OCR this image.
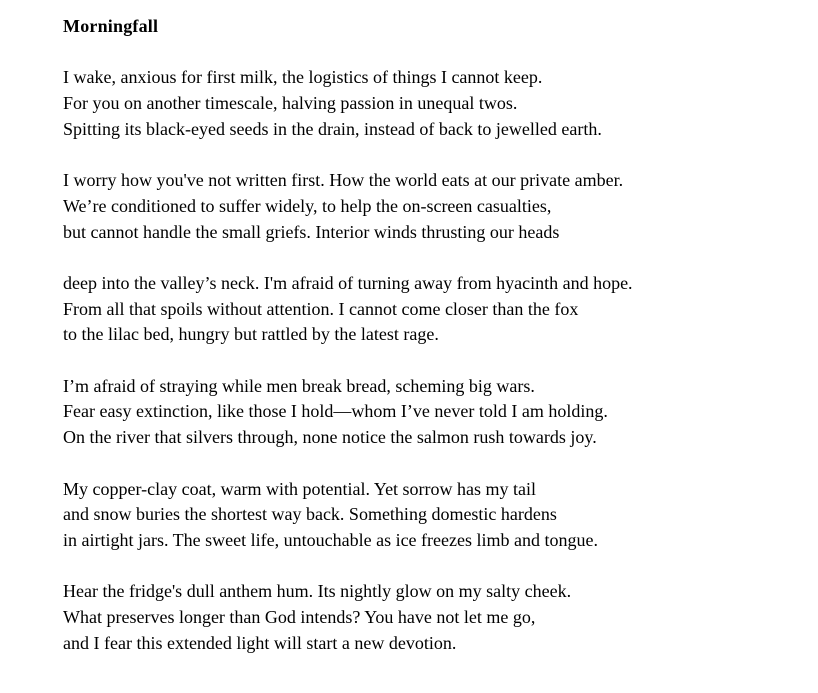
Morningfall

I wake, anxious for first milk, the logistics of things I cannot keep.

For you on another timescale, halving passion in unequal twos.

Spitting its black-eyed seeds in the drain, instead of back to jewelled earth.

I worry how you've not written first. How the world eats at our private amber.

We’re conditioned to suffer widely, to help the on-screen casualties,

but cannot handle the small griefs. Interior winds thrusting our heads

deep into the valley’s neck. I'm afraid of turning away from hyacinth and hope.

From all that spoils without attention. I cannot come closer than the fox

to the lilac bed, hungry but rattled by the latest rage.

I’m afraid of straying while men break bread, scheming big wars.

Fear easy extinction, like those I hold—whom I’ve never told I am holding.

On the river that silvers through, none notice the salmon rush towards joy.

My copper-clay coat, warm with potential. Yet sorrow has my tail

and snow buries the shortest way back. Something domestic hardens

in airtight jars. The sweet life, untouchable as ice freezes limb and tongue.

Hear the fridge's dull anthem hum. Its nightly glow on my salty cheek.

What preserves longer than God intends? You have not let me go,

and I fear this extended light will start a new devotion.
